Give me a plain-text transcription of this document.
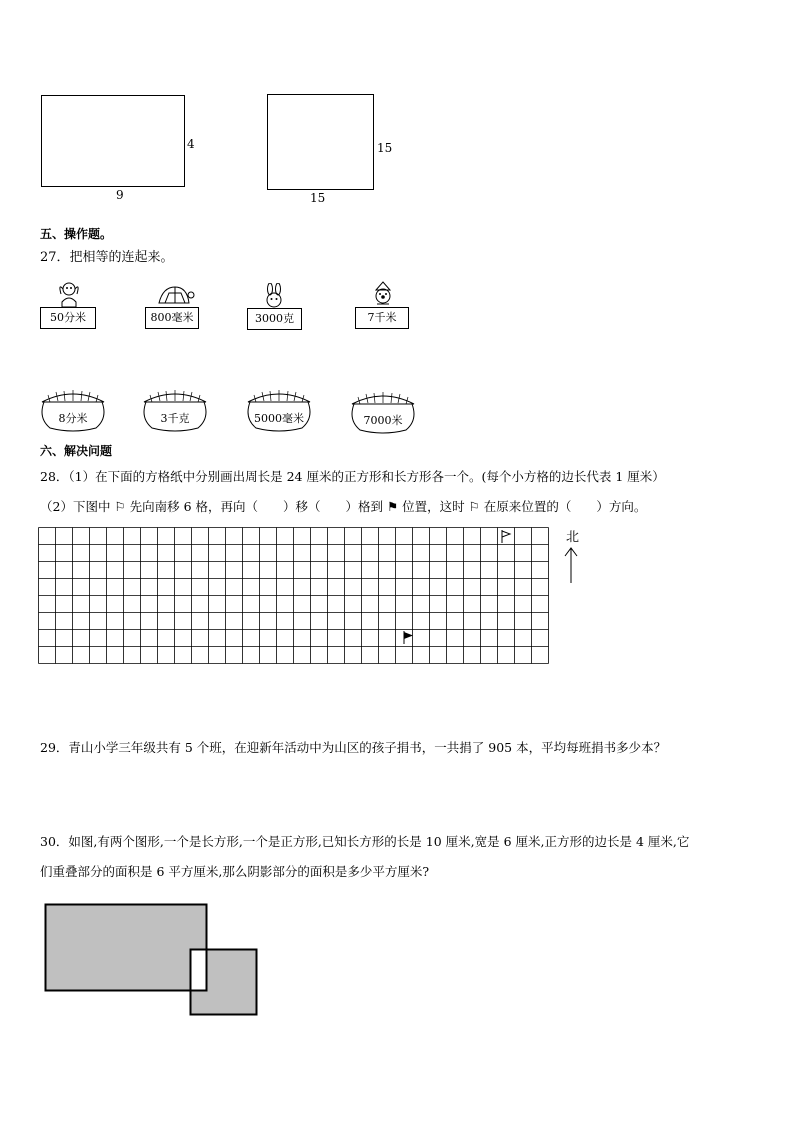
4
9
15
15
五、操作题。
27．把相等的连起来。
50分米	800毫米	3000克	7千米
8分米	3千克	5000毫米	7000米
六、解决问题
28．（1）在下面的方格纸中分别画出周长是 24 厘米的正方形和长方形各一个。(每个小方格的边长代表 1 厘米）
（2）下图中 ⚐ 先向南移 6 格，再向（　　）移（　　）格到 ⚑ 位置，这时 ⚐ 在原来位置的（　　）方向。
北
29．青山小学三年级共有 5 个班，在迎新年活动中为山区的孩子捐书，一共捐了 905 本，平均每班捐书多少本？
30．如图,有两个图形,一个是长方形,一个是正方形,已知长方形的长是 10 厘米,宽是 6 厘米,正方形的边长是 4 厘米,它
们重叠部分的面积是 6 平方厘米,那么阴影部分的面积是多少平方厘米?
